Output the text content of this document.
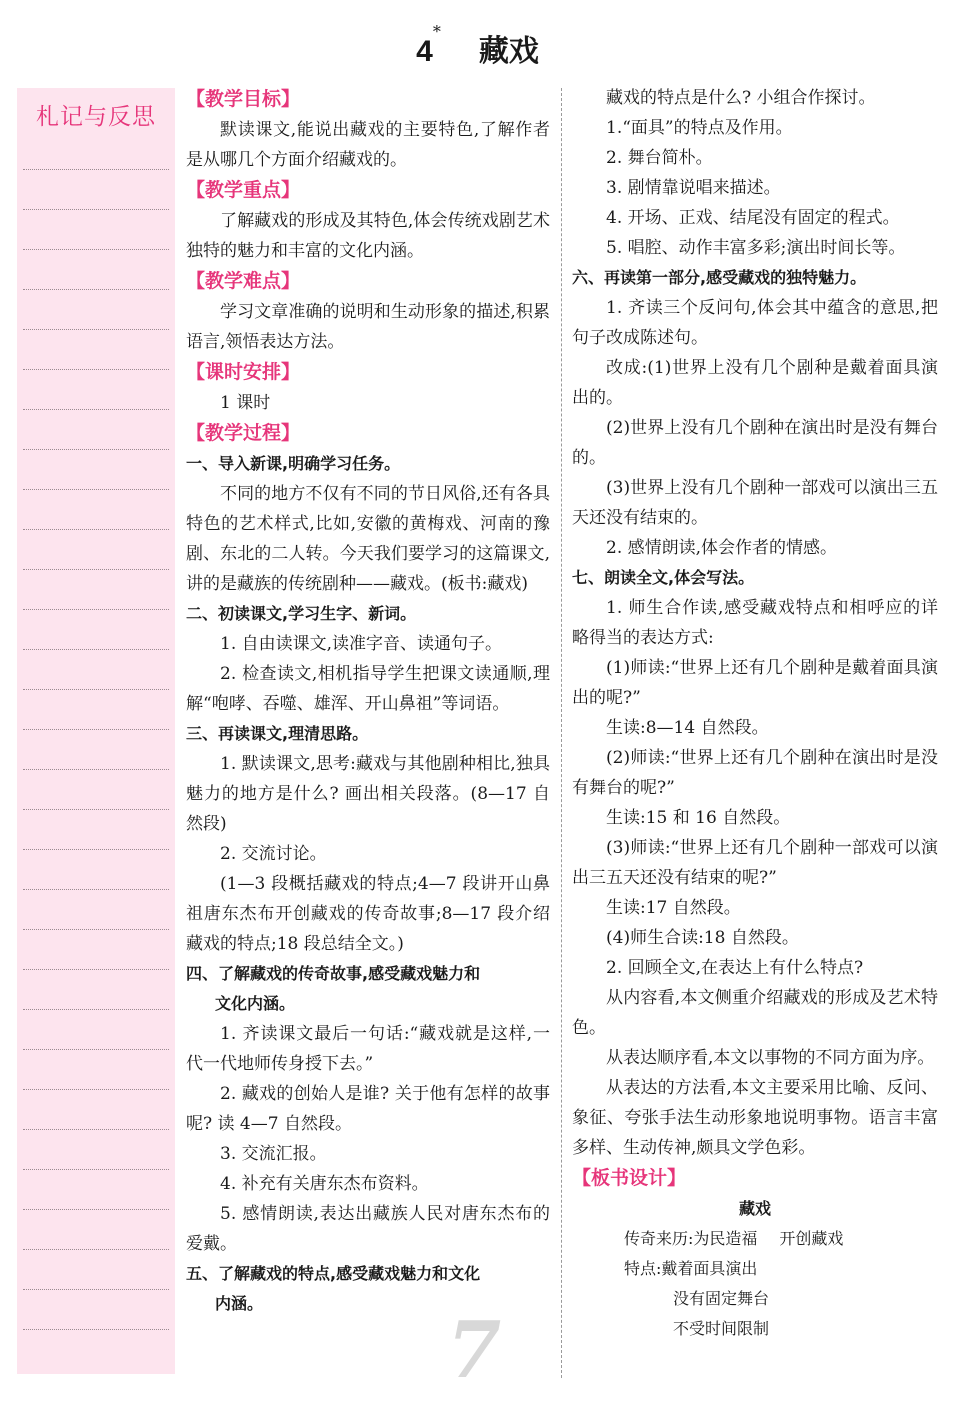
4*藏戏
札记与反思

【教学目标】

默读课文,能说出藏戏的主要特色,了解作者是从哪几个方面介绍藏戏的。

【教学重点】

了解藏戏的形成及其特色,体会传统戏剧艺术独特的魅力和丰富的文化内涵。

【教学难点】

学习文章准确的说明和生动形象的描述,积累语言,领悟表达方法。

【课时安排】

1 课时

【教学过程】

一、导入新课,明确学习任务。

不同的地方不仅有不同的节日风俗,还有各具特色的艺术样式,比如,安徽的黄梅戏、河南的豫剧、东北的二人转。今天我们要学习的这篇课文,讲的是藏族的传统剧种——藏戏。(板书:藏戏)

二、初读课文,学习生字、新词。

1. 自由读课文,读准字音、读通句子。

2. 检查读文,相机指导学生把课文读通顺,理解“咆哮、吞噬、雄浑、开山鼻祖”等词语。

三、再读课文,理清思路。

1. 默读课文,思考:藏戏与其他剧种相比,独具魅力的地方是什么? 画出相关段落。(8—17 自然段)

2. 交流讨论。

(1—3 段概括藏戏的特点;4—7 段讲开山鼻祖唐东杰布开创藏戏的传奇故事;8—17 段介绍藏戏的特点;18 段总结全文。)

四、了解藏戏的传奇故事,感受藏戏魅力和

文化内涵。

1. 齐读课文最后一句话:“藏戏就是这样,一代一代地师传身授下去。”

2. 藏戏的创始人是谁? 关于他有怎样的故事呢? 读 4—7 自然段。

3. 交流汇报。

4. 补充有关唐东杰布资料。

5. 感情朗读,表达出藏族人民对唐东杰布的爱戴。

五、了解藏戏的特点,感受藏戏魅力和文化

内涵。

藏戏的特点是什么? 小组合作探讨。

1.“面具”的特点及作用。

2. 舞台简朴。

3. 剧情靠说唱来描述。

4. 开场、正戏、结尾没有固定的程式。

5. 唱腔、动作丰富多彩;演出时间长等。

六、再读第一部分,感受藏戏的独特魅力。

1. 齐读三个反问句,体会其中蕴含的意思,把句子改成陈述句。

改成:(1)世界上没有几个剧种是戴着面具演出的。

(2)世界上没有几个剧种在演出时是没有舞台的。

(3)世界上没有几个剧种一部戏可以演出三五天还没有结束的。

2. 感情朗读,体会作者的情感。

七、朗读全文,体会写法。

1. 师生合作读,感受藏戏特点和相呼应的详略得当的表达方式:

(1)师读:“世界上还有几个剧种是戴着面具演出的呢?”

生读:8—14 自然段。

(2)师读:“世界上还有几个剧种在演出时是没有舞台的呢?”

生读:15 和 16 自然段。

(3)师读:“世界上还有几个剧种一部戏可以演出三五天还没有结束的呢?”

生读:17 自然段。

(4)师生合读:18 自然段。

2. 回顾全文,在表达上有什么特点?

从内容看,本文侧重介绍藏戏的形成及艺术特色。

从表达顺序看,本文以事物的不同方面为序。

从表达的方法看,本文主要采用比喻、反问、象征、夸张手法生动形象地说明事物。语言丰富多样、生动传神,颇具文学色彩。

【板书设计】

藏戏

传奇来历:为民造福 开创藏戏

特点:戴着面具演出

没有固定舞台

不受时间限制

7
